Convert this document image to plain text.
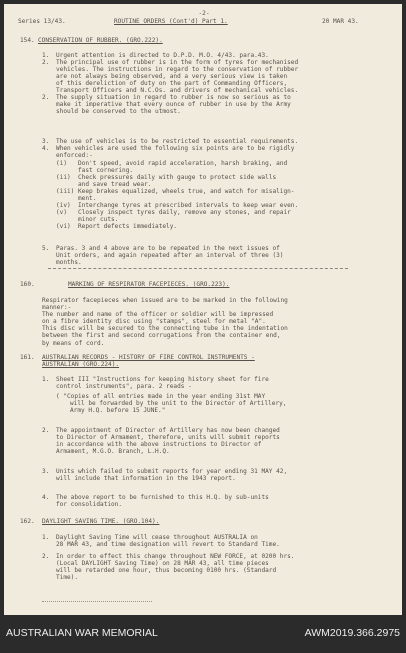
-2-
Series 13/43.	ROUTINE ORDERS (Cont'd) Part 1.	20 MAR 43.
154. CONSERVATION OF RUBBER. (GRO.222).
1. Urgent attention is directed to D.P.D. M.O. 4/43. para.43.
2. The principal use of rubber is in the form of tyres for mechanised
vehicles. The instructions in regard to the conservation of rubber
are not always being observed, and a very serious view is taken
of this dereliction of duty on the part of Commanding Officers,
Transport Officers and N.C.Os. and drivers of mechanical vehicles.
2. The supply situation in regard to rubber is now so serious as to
make it imperative that every ounce of rubber in use by the Army
should be conserved to the utmost.
3. The use of vehicles is to be restricted to essential requirements.
4. When vehicles are used the following six points are to be rigidly
enforced:-
(i) Don't speed, avoid rapid acceleration, harsh braking, and
fast cornering.
(ii) Check pressures daily with gauge to protect side walls
and save tread wear.
(iii) Keep brakes equalized, wheels true, and watch for misalign-
ment.
(iv) Interchange tyres at prescribed intervals to keep wear even.
(v) Closely inspect tyres daily, remove any stones, and repair
minor cuts.
(vi) Report defects immediately.
5. Paras. 3 and 4 above are to be repeated in the next issues of
Unit orders, and again repeated after an interval of three (3)
months.
160.	MARKING OF RESPIRATOR FACEPIECES. (GRO.223).
Respirator facepieces when issued are to be marked in the following
manner:-
The number and name of the officer or soldier will be impressed
on a fibre identity disc using "stamps", steel for metal "A".
This disc will be secured to the connecting tube in the indentation
between the first and second corrugations from the container end,
by means of cord.
161. AUSTRALIAN RECORDS - HISTORY OF FIRE CONTROL INSTRUMENTS -
AUSTRALIAN (GRO.224).
1. Sheet III "Instructions for keeping history sheet for fire
control instruments", para. 2 reads -
( "Copies of all entries made in the year ending 31st MAY
will be forwarded by the unit to the Director of Artillery,
Army H.Q. before 15 JUNE."
2. The appointment of Director of Artillery has now been changed
to Director of Armament, therefore, units will submit reports
in accordance with the above instructions to Director of
Armament, M.G.O. Branch, L.H.Q.
3. Units which failed to submit reports for year ending 31 MAY 42,
will include that information in the 1943 report.
4. The above report to be furnished to this H.Q. by sub-units
for consolidation.
162. DAYLIGHT SAVING TIME. (GRO.104).
1. Daylight Saving Time will cease throughout AUSTRALIA on
28 MAR 43, and time designation will revert to Standard Time.
2. In order to effect this change throughout NEW FORCE, at 0200 hrs.
(Local DAYLIGHT Saving Time) on 28 MAR 43, all time pieces
will be retarded one hour, thus becoming 0100 hrs. (Standard
Time).
AUSTRALIAN WAR MEMORIAL	AWM2019.366.2975
